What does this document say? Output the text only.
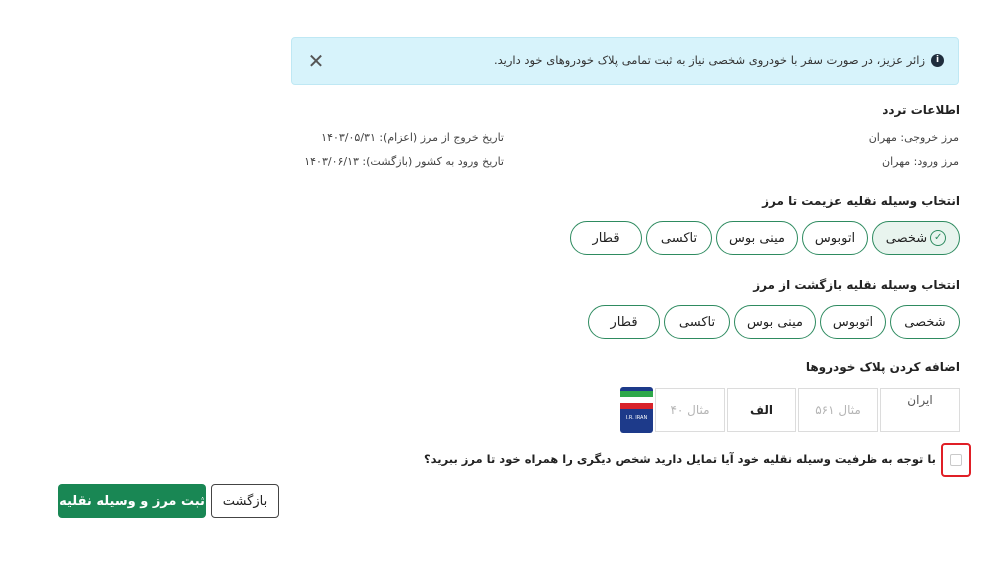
✕	i
زائر عزیز، در صورت سفر با خودروی شخصی نیاز به ثبت تمامی پلاک خودروهای خود دارید.
اطلاعات تردد
مرز خروجی: مهران
مرز ورود: مهران
تاریخ خروج از مرز (اعزام): ۱۴۰۳/۰۵/۳۱
تاریخ ورود به کشور (بازگشت): ۱۴۰۳/۰۶/۱۳
انتخاب وسیله نقلیه عزیمت تا مرز
✓
شخصی
اتوبوس
مینی بوس
تاکسی
قطار
انتخاب وسیله نقلیه بازگشت از مرز
شخصی
اتوبوس
مینی بوس
تاکسی
قطار
اضافه کردن پلاک خودروها
ایران
مثال ۵۶۱
الف
مثال ۴۰
I.R. IRAN
با توجه به ظرفیت وسیله نقلیه خود آیا تمایل دارید شخص دیگری را همراه خود تا مرز ببرید؟
بازگشت
ثبت مرز و وسیله نقلیه
